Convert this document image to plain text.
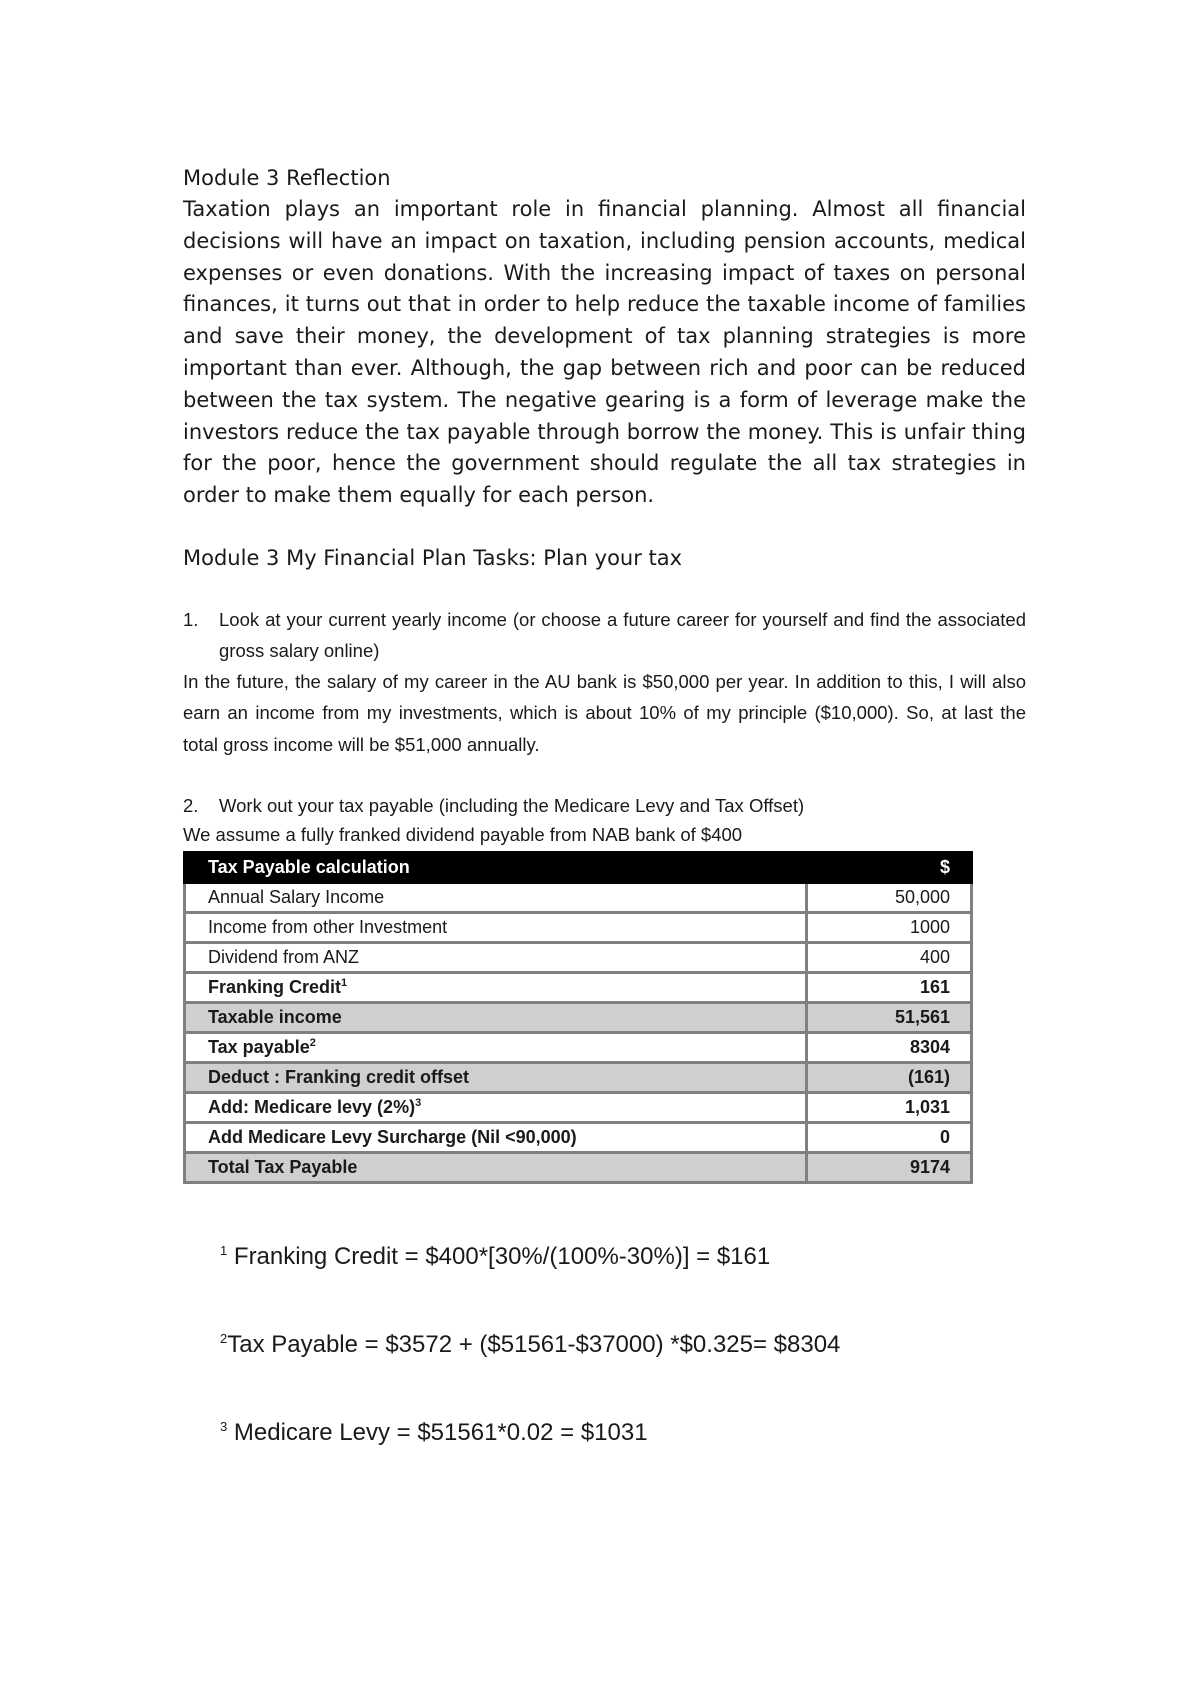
Module 3 Reflection

Taxation plays an important role in financial planning. Almost all financial decisions will have an impact on taxation, including pension accounts, medical expenses or even donations. With the increasing impact of taxes on personal finances, it turns out that in order to help reduce the taxable income of families and save their money, the development of tax planning strategies is more important than ever. Although, the gap between rich and poor can be reduced between the tax system. The negative gearing is a form of leverage make the investors reduce the tax payable through borrow the money. This is unfair thing for the poor, hence the government should regulate the all tax strategies in order to make them equally for each person.

Module 3 My Financial Plan Tasks: Plan your tax
1.	Look at your current yearly income (or choose a future career for yourself and find the associated gross salary online)

In the future, the salary of my career in the AU bank is $50,000 per year. In addition to this, I will also earn an income from my investments, which is about 10% of my principle ($10,000). So, at last the total gross income will be $51,000 annually.

2.	Work out your tax payable (including the Medicare Levy and Tax Offset)

We assume a fully franked dividend payable from NAB bank of $400

Tax Payable calculation	$
Annual Salary Income	50,000
Income from other Investment	1000
Dividend from ANZ	400
Franking Credit$^1$	161
Taxable income	51,561
Tax payable$^2$	8304
Deduct : Franking credit offset	(161)
Add: Medicare levy $(2\%)^3$	1,031
Add Medicare Levy Surcharge (Nil <90,000)	0
Total Tax Payable	9174

$^1$ Franking Credit = $400*[30%/(100%-30%)] = $161

$^2$Tax Payable = $3572 + ($51561-$37000) *$0.325= $8304

$^3$ Medicare Levy = $51561*0.02 = $1031
